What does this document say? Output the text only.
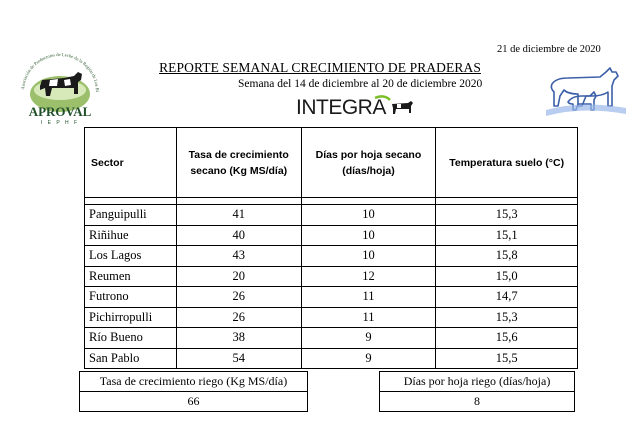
21 de diciembre de 2020
REPORTE SEMANAL CRECIMIENTO DE PRADERAS
Semana del 14 de diciembre al 20 de diciembre 2020
Asociación de Productores de Leche de la Región de Los Rí
APROVAL
I E P H F
INTEGRA
Sector	Tasa de crecimiento secano (Kg MS/día)	Días por hoja secano (días/hoja)	Temperatura suelo (°C)

Panguipulli	41	10	15,3
Riñihue	40	10	15,1
Los Lagos	43	10	15,8
Reumen	20	12	15,0
Futrono	26	11	14,7
Pichirropulli	26	11	15,3
Río Bueno	38	9	15,6
San Pablo	54	9	15,5
Tasa de crecimiento riego (Kg MS/día)
66
Días por hoja riego (días/hoja)
8
